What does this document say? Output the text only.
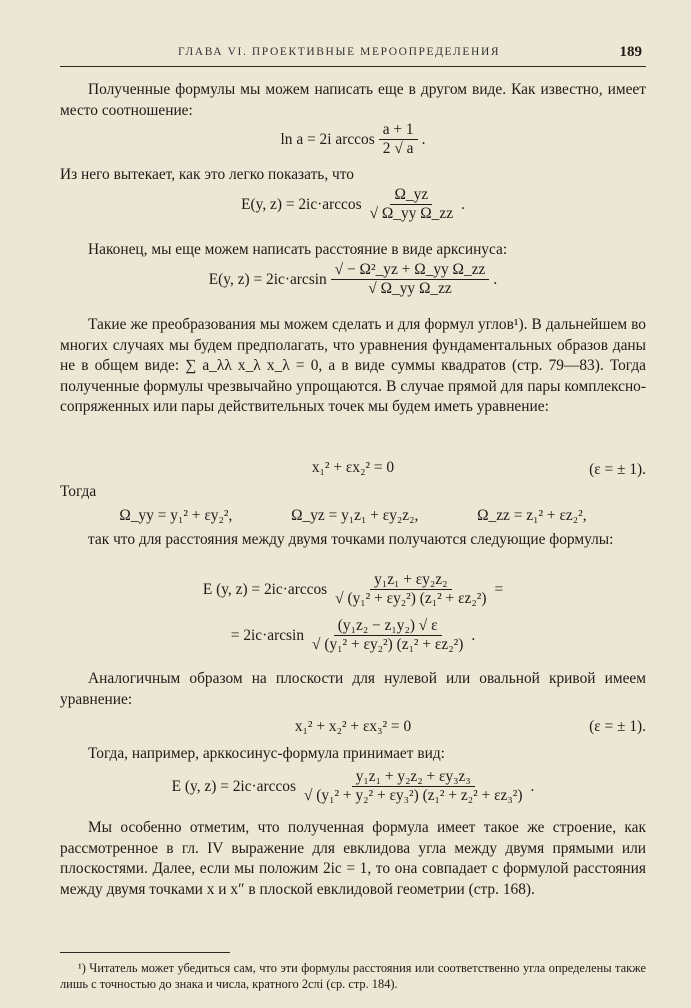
ГЛАВА VI. ПРОЕКТИВНЫЕ МЕРООПРЕДЕЛЕНИЯ	189

Полученные формулы мы можем написать еще в другом виде. Как известно, имеет место соотношение:

ln a = 2i $\arccos \frac{a + 1}{2 √ a}$ .

Из него вытекает, как это легко показать, что

E(y, $z) = 2ic\cdot\arccos \frac{\Omega\_yz}{\text{√ Ω\_yy Ω\_zz}}$ .

Наконец, мы еще можем написать расстояние в виде арксинуса:

E(y, $z) = 2ic\cdot\arcsin \frac{\text{√ − Ω²\_yz + Ω\_yy Ω\_zz}}{\text{√ Ω\_yy Ω\_zz}}$ .

Такие же преобразования мы можем сделать и для формул углов¹). В дальнейшем во многих случаях мы будем предполагать, что уравнения фундаментальных образов даны не в общем виде: ∑ a_λλ x_λ x_λ = 0, а в виде суммы квадратов (стр. 79—83). Тогда полученные формулы чрезвычайно упрощаются. В случае прямой для пары комплексно-сопряженных или пары действительных точек мы будем иметь уравнение:

x₁² + εx₂² = 0	(ε = ± 1).

Тогда

Ω_yy = y₁² + εy₂²,	Ω_yz = y₁z₁ + εy₂z₂,	Ω_zz = z₁² + εz₂²,

так что для расстояния между двумя точками получаются следующие формулы:

E (y, $z) = 2ic\cdot\arccos \frac{\text{y₁z₁ + εy₂z₂}}{\text{√ (y₁² + εy₂²) (z₁² + εz₂²)}}$ =
= $2ic\cdot\arcsin \frac{\text{(y₁z₂ − z₁y₂) √ ε}}{\text{√ (y₁² + εy₂²) (z₁² + εz₂²)}}$ .

Аналогичным образом на плоскости для нулевой или овальной кривой имеем уравнение:

x₁² + x₂² + εx₃² = 0	(ε = ± 1).

Тогда, например, арккосинус-формула принимает вид:

E (y, $z) = 2ic\cdot\arccos \frac{\text{y₁z₁ + y₂z₂ + εy₃z₃}}{\text{√ (y₁² + y₂² + εy₃²) (z₁² + z₂² + εz₃²)}}$ .

Мы особенно отметим, что полученная формула имеет такое же строение, как рассмотренное в гл. IV выражение для евклидова угла между двумя прямыми или плоскостями. Далее, если мы положим 2ic = 1, то она совпадает с формулой расстояния между двумя точками x и x″ в плоской евклидовой геометрии (стр. 168).

¹) Читатель может убедиться сам, что эти формулы расстояния или соответственно угла определены также лишь с точностью до знака и числа, кратного 2cπi (ср. стр. 184).
